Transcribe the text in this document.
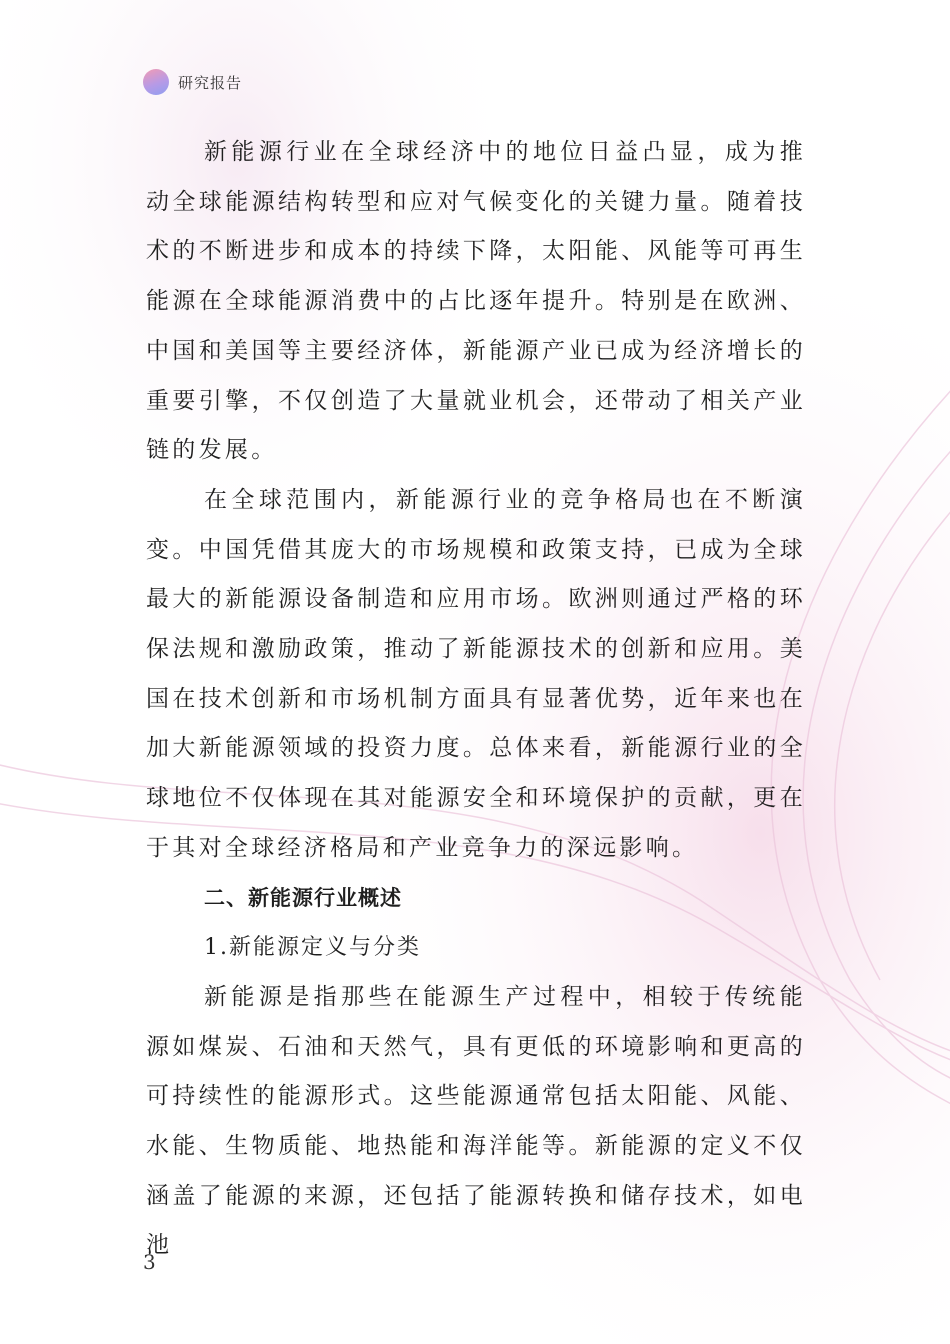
研究报告

新能源行业在全球经济中的地位日益凸显，成为推动全球能源结构转型和应对气候变化的关键力量。随着技术的不断进步和成本的持续下降，太阳能、风能等可再生能源在全球能源消费中的占比逐年提升。特别是在欧洲、中国和美国等主要经济体，新能源产业已成为经济增长的重要引擎，不仅创造了大量就业机会，还带动了相关产业链的发展。

在全球范围内，新能源行业的竞争格局也在不断演变。中国凭借其庞大的市场规模和政策支持，已成为全球最大的新能源设备制造和应用市场。欧洲则通过严格的环保法规和激励政策，推动了新能源技术的创新和应用。美国在技术创新和市场机制方面具有显著优势，近年来也在加大新能源领域的投资力度。总体来看，新能源行业的全球地位不仅体现在其对能源安全和环境保护的贡献，更在于其对全球经济格局和产业竞争力的深远影响。

二、新能源行业概述

1.新能源定义与分类

新能源是指那些在能源生产过程中，相较于传统能源如煤炭、石油和天然气，具有更低的环境影响和更高的可持续性的能源形式。这些能源通常包括太阳能、风能、水能、生物质能、地热能和海洋能等。新能源的定义不仅涵盖了能源的来源，还包括了能源转换和储存技术，如电池

3
